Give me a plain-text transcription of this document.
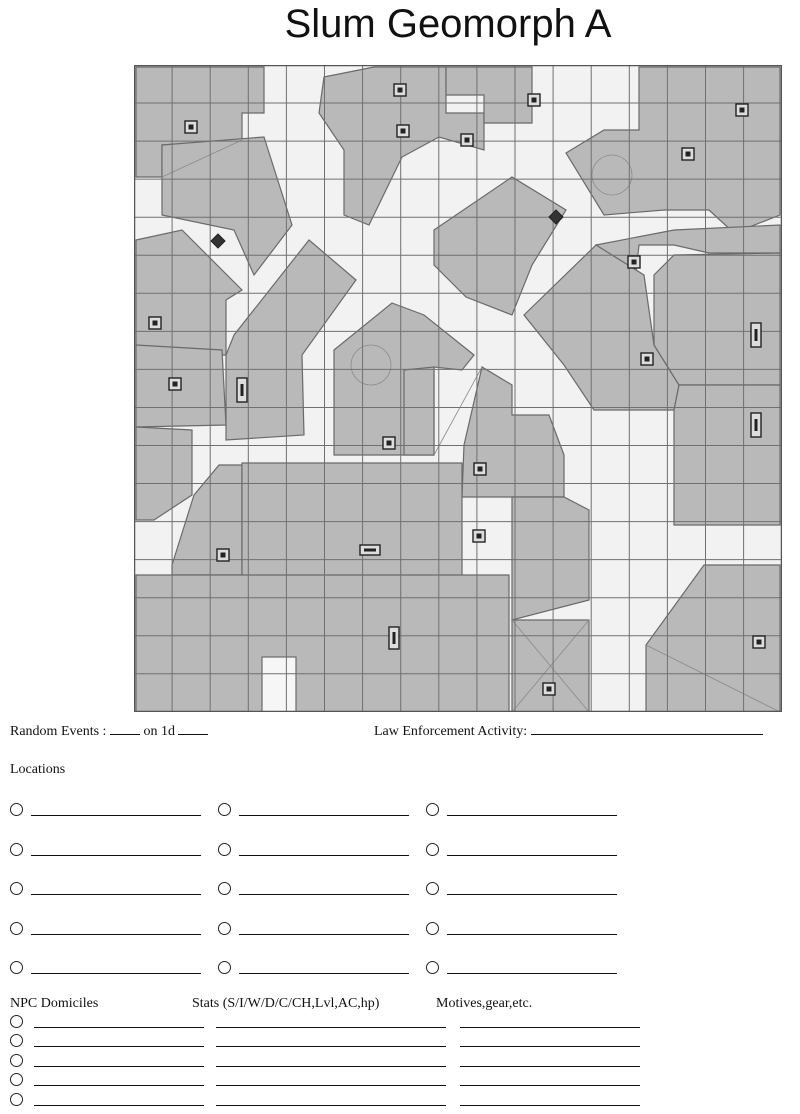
Slum Geomorph A
Random Events :	on 1d	Law Enforcement Activity:
Locations
NPC Domiciles	Stats (S/I/W/D/C/CH,Lvl,AC,hp)	Motives,gear,etc.
